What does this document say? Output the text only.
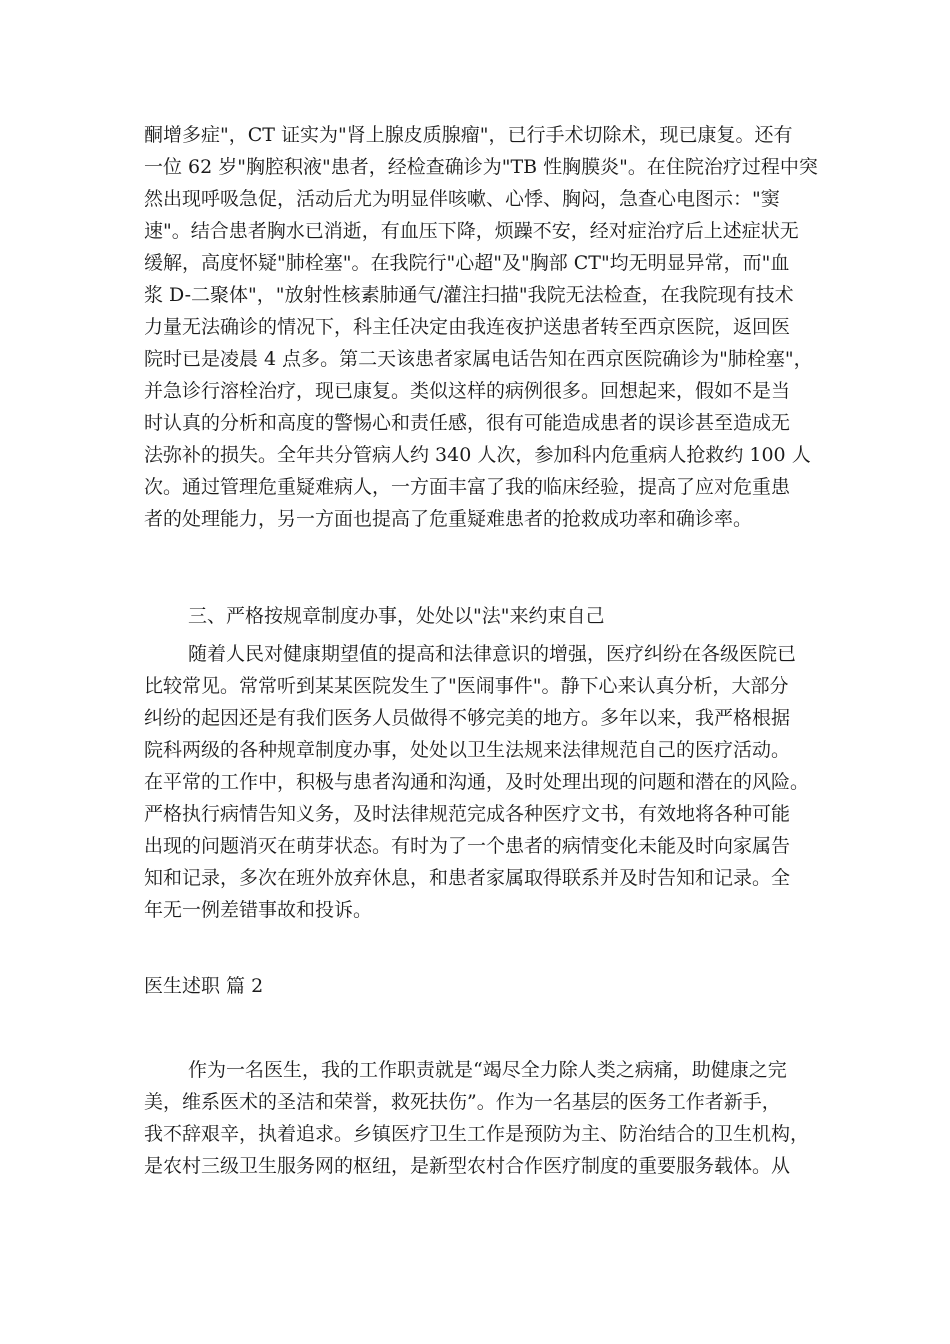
酮增多症"，CT 证实为"肾上腺皮质腺瘤"，已行手术切除术，现已康复。还有
一位 62 岁"胸腔积液"患者，经检查确诊为"TB 性胸膜炎"。在住院治疗过程中突
然出现呼吸急促，活动后尤为明显伴咳嗽、心悸、胸闷，急查心电图示："窦
速"。结合患者胸水已消逝，有血压下降，烦躁不安，经对症治疗后上述症状无
缓解，高度怀疑"肺栓塞"。在我院行"心超"及"胸部 CT"均无明显异常，而"血
浆 D-二聚体"，"放射性核素肺通气/灌注扫描"我院无法检查，在我院现有技术
力量无法确诊的情况下，科主任决定由我连夜护送患者转至西京医院，返回医
院时已是凌晨 4 点多。第二天该患者家属电话告知在西京医院确诊为"肺栓塞"，
并急诊行溶栓治疗，现已康复。类似这样的病例很多。回想起来，假如不是当
时认真的分析和高度的警惕心和责任感，很有可能造成患者的误诊甚至造成无
法弥补的损失。全年共分管病人约 340 人次，参加科内危重病人抢救约 100 人
次。通过管理危重疑难病人，一方面丰富了我的临床经验，提高了应对危重患
者的处理能力，另一方面也提高了危重疑难患者的抢救成功率和确诊率。
三、严格按规章制度办事，处处以"法"来约束自己
随着人民对健康期望值的提高和法律意识的增强，医疗纠纷在各级医院已
比较常见。常常听到某某医院发生了"医闹事件"。静下心来认真分析，大部分
纠纷的起因还是有我们医务人员做得不够完美的地方。多年以来，我严格根据
院科两级的各种规章制度办事，处处以卫生法规来法律规范自己的医疗活动。
在平常的工作中，积极与患者沟通和沟通，及时处理出现的问题和潜在的风险。
严格执行病情告知义务，及时法律规范完成各种医疗文书，有效地将各种可能
出现的问题消灭在萌芽状态。有时为了一个患者的病情变化未能及时向家属告
知和记录，多次在班外放弃休息，和患者家属取得联系并及时告知和记录。全
年无一例差错事故和投诉。
医生述职 篇 2
作为一名医生，我的工作职责就是“竭尽全力除人类之病痛，助健康之完
美，维系医术的圣洁和荣誉，救死扶伤”。作为一名基层的医务工作者新手，
我不辞艰辛，执着追求。乡镇医疗卫生工作是预防为主、防治结合的卫生机构，
是农村三级卫生服务网的枢纽，是新型农村合作医疗制度的重要服务载体。从
